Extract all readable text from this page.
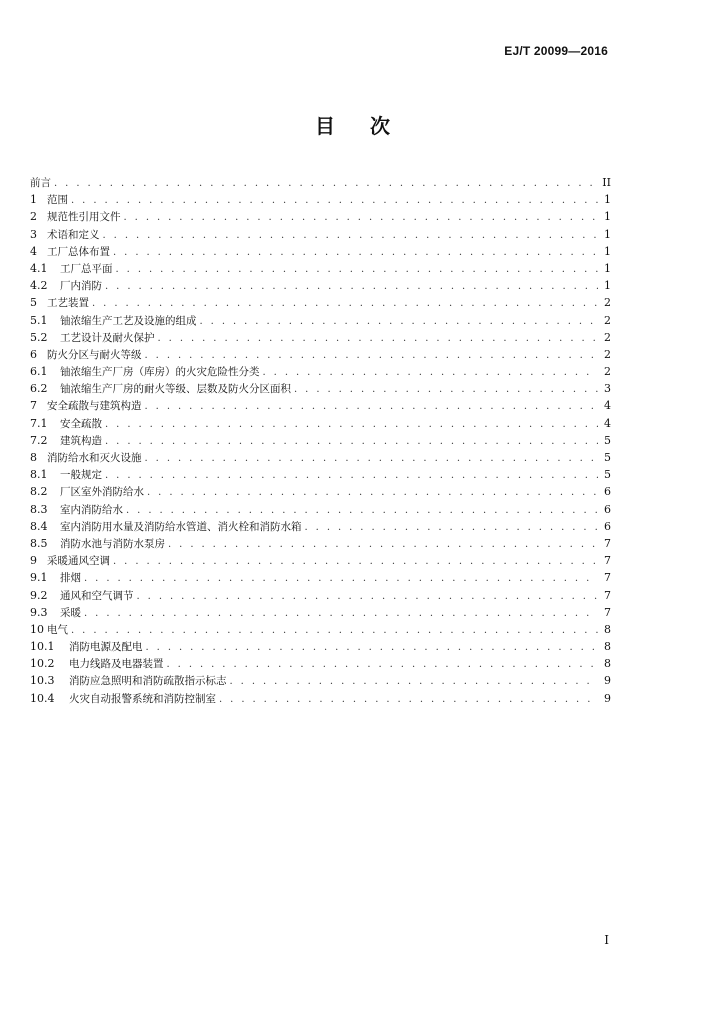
EJ/T 20099—2016
目 次
前言 . . .	II
1 范围 . . .	1
2 规范性引用文件 . . .	1
3 术语和定义 . . .	1
4 工厂总体布置 . . .	1
4.1	工厂总平面 . . .	1
4.2	厂内消防 . . .	1
5 工艺装置 . . .	2
5.1	铀浓缩生产工艺及设施的组成 . . .	2
5.2	工艺设计及耐火保护 . . .	2
6 防火分区与耐火等级 . . .	2
6.1	铀浓缩生产厂房（库房）的火灾危险性分类 . . .	2
6.2	铀浓缩生产厂房的耐火等级、层数及防火分区面积 . . .	3
7 安全疏散与建筑构造 . . .	4
7.1	安全疏散 . . .	4
7.2	建筑构造 . . .	5
8 消防给水和灭火设施 . . .	5
8.1	一般规定 . . .	5
8.2	厂区室外消防给水 . . .	6
8.3	室内消防给水 . . .	6
8.4	室内消防用水量及消防给水管道、消火栓和消防水箱 . . .	6
8.5	消防水池与消防水泵房 . . .	7
9 采暖通风空调 . . .	7
9.1	排烟 . . .	7
9.2	通风和空气调节 . . .	7
9.3	采暖 . . .	7
10 电气 . . .	8
10.1	消防电源及配电 . . .	8
10.2	电力线路及电器装置 . . .	8
10.3	消防应急照明和消防疏散指示标志 . . .	9
10.4	火灾自动报警系统和消防控制室 . . .	9
I
